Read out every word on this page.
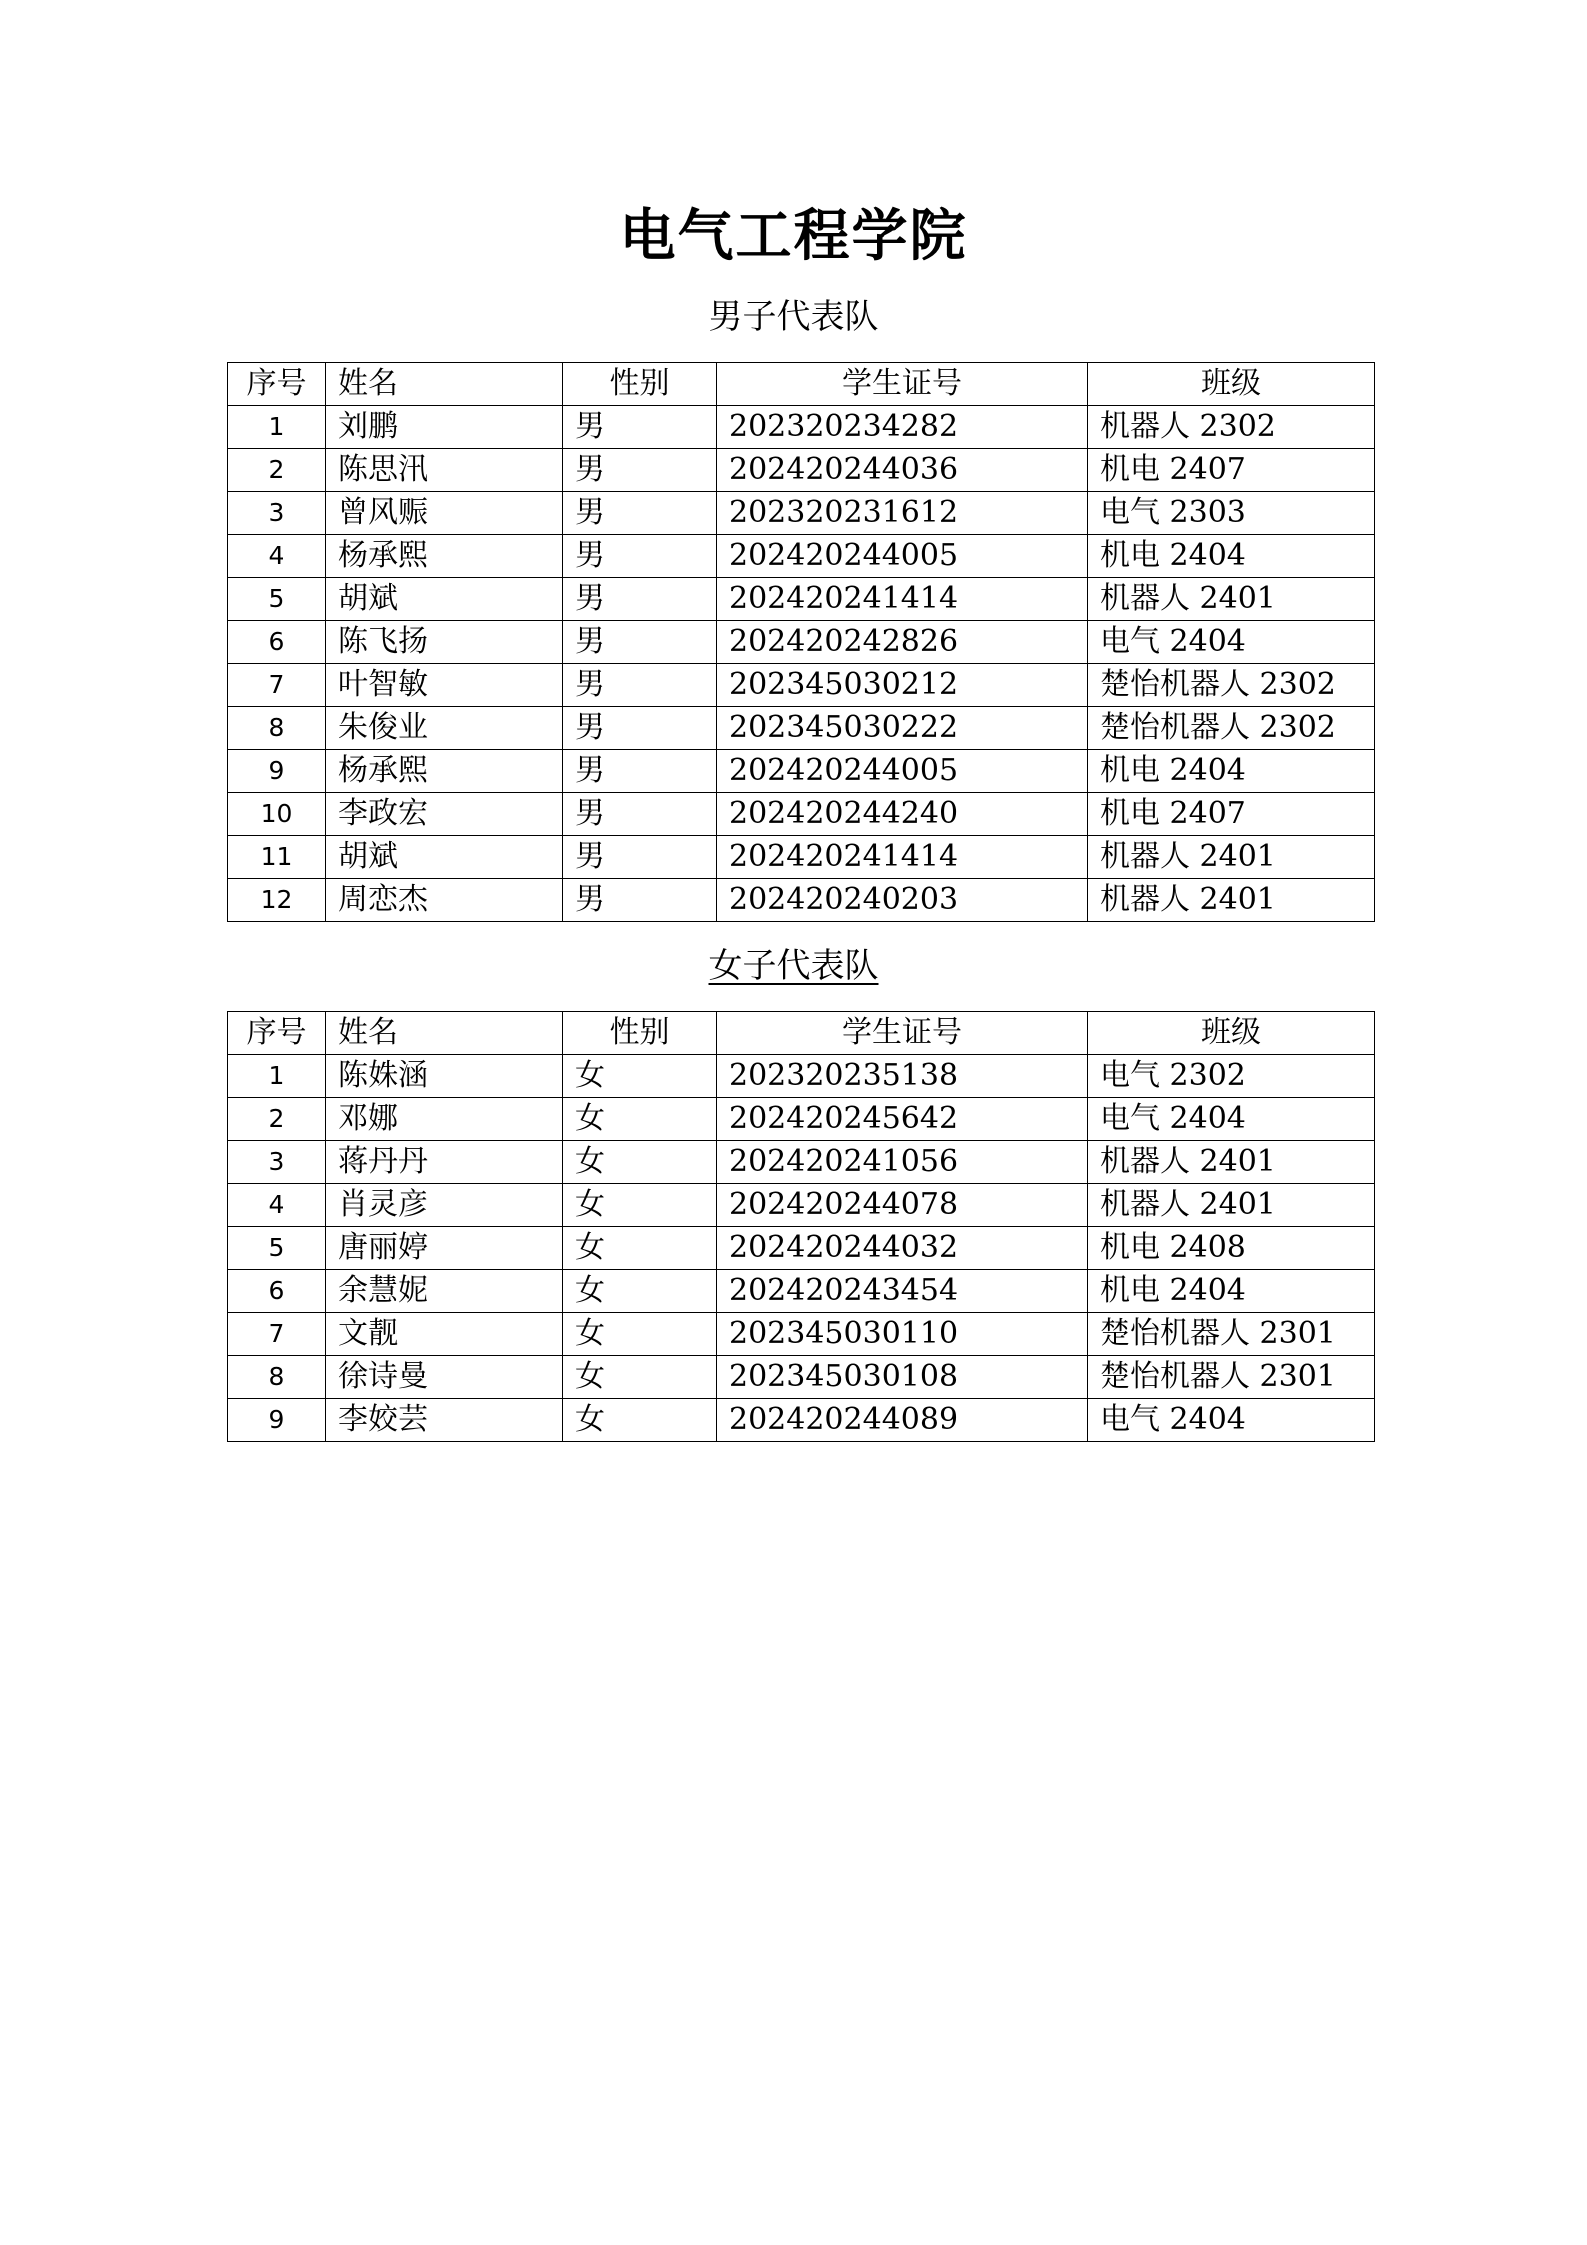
电气工程学院
男子代表队
序号	姓名	性别	学生证号	班级
1	刘鹏	男	202320234282	机器人 2302
2	陈思汛	男	202420244036	机电 2407
3	曾风赈	男	202320231612	电气 2303
4	杨承熙	男	202420244005	机电 2404
5	胡斌	男	202420241414	机器人 2401
6	陈飞扬	男	202420242826	电气 2404
7	叶智敏	男	202345030212	楚怡机器人 2302
8	朱俊业	男	202345030222	楚怡机器人 2302
9	杨承熙	男	202420244005	机电 2404
10	李政宏	男	202420244240	机电 2407
11	胡斌	男	202420241414	机器人 2401
12	周恋杰	男	202420240203	机器人 2401
女子代表队
序号	姓名	性别	学生证号	班级
1	陈姝涵	女	202320235138	电气 2302
2	邓娜	女	202420245642	电气 2404
3	蒋丹丹	女	202420241056	机器人 2401
4	肖灵彦	女	202420244078	机器人 2401
5	唐丽婷	女	202420244032	机电 2408
6	余慧妮	女	202420243454	机电 2404
7	文靓	女	202345030110	楚怡机器人 2301
8	徐诗曼	女	202345030108	楚怡机器人 2301
9	李姣芸	女	202420244089	电气 2404
